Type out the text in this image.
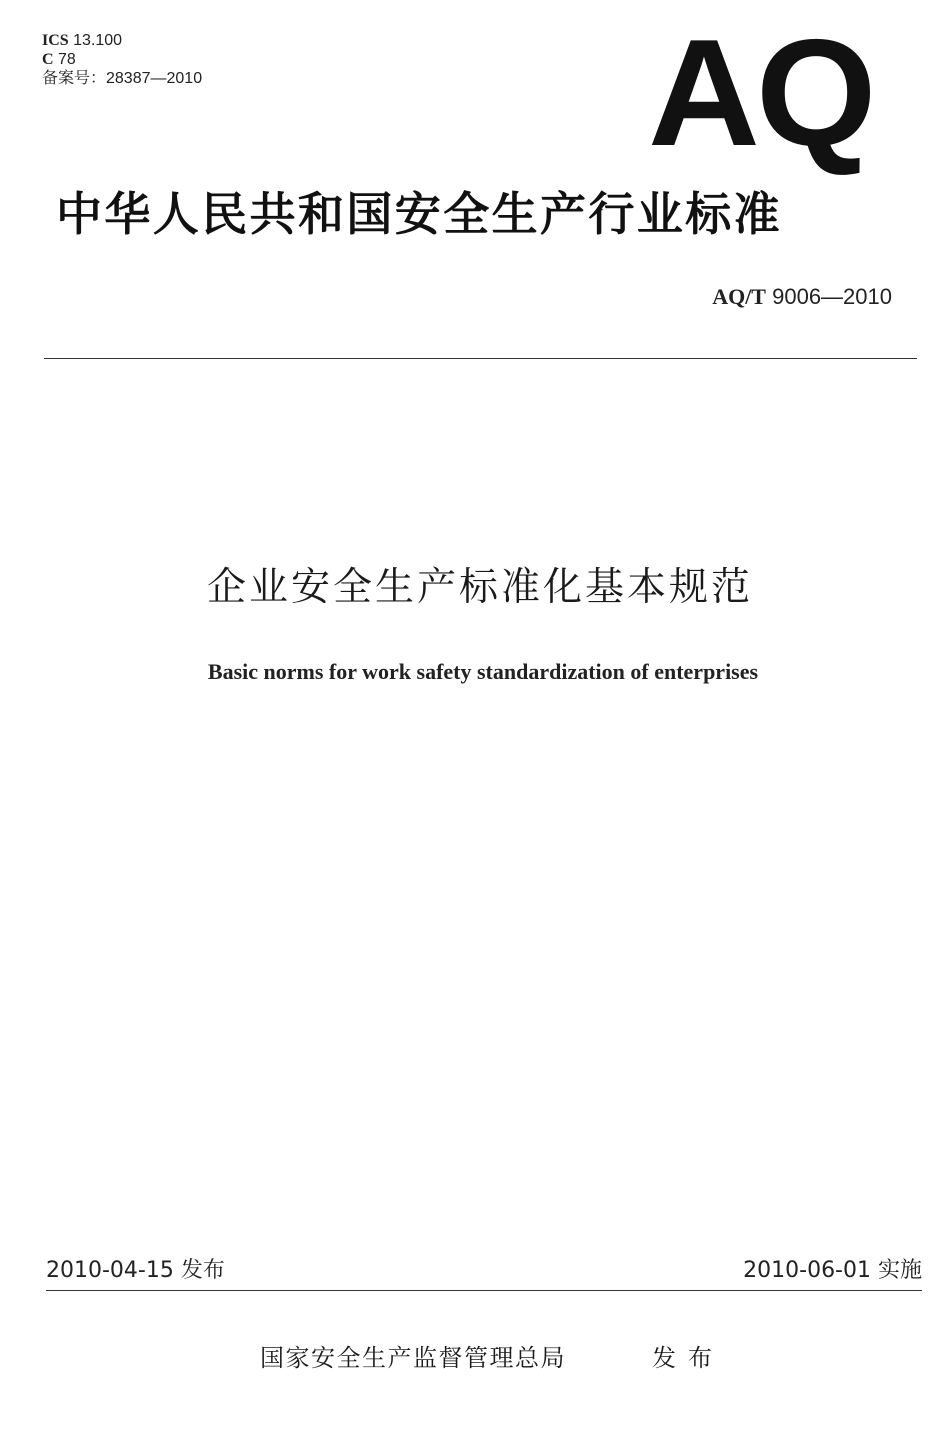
ICS 13.100
C 78
备案号：28387—2010	AQ
中华人民共和国安全生产行业标准
AQ/T 9006—2010
企业安全生产标准化基本规范
Basic norms for work safety standardization of enterprises
2010-04-15 发布	2010-06-01 实施
国家安全生产监督管理总局	发布
